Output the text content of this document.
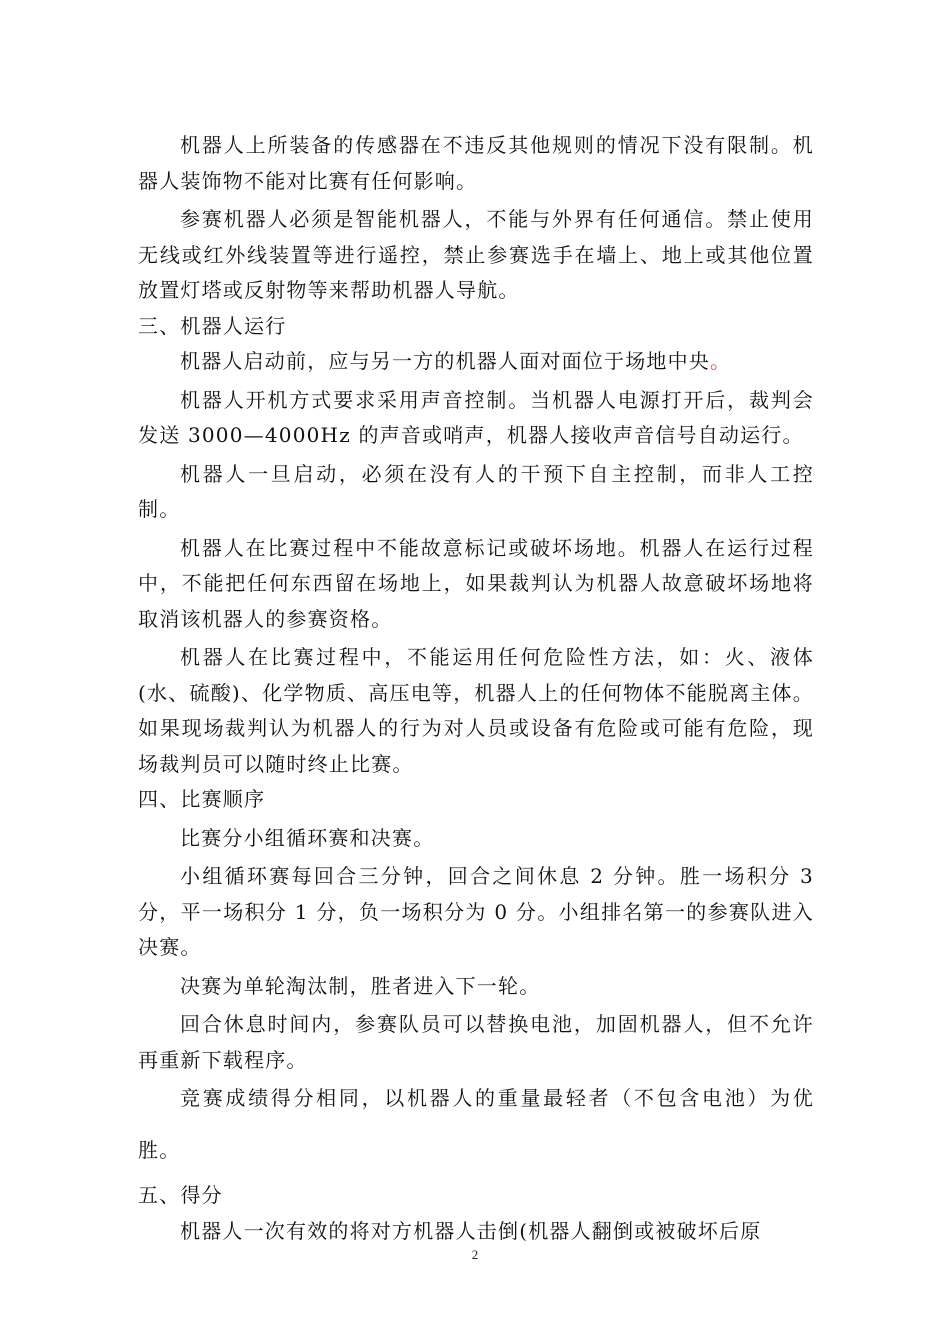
机器人上所装备的传感器在不违反其他规则的情况下没有限制。机器人装饰物不能对比赛有任何影响。

参赛机器人必须是智能机器人，不能与外界有任何通信。禁止使用无线或红外线装置等进行遥控，禁止参赛选手在墙上、地上或其他位置放置灯塔或反射物等来帮助机器人导航。

三、机器人运行

机器人启动前，应与另一方的机器人面对面位于场地中央。

机器人开机方式要求采用声音控制。当机器人电源打开后，裁判会发送 3000—4000Hz 的声音或哨声，机器人接收声音信号自动运行。

机器人一旦启动，必须在没有人的干预下自主控制，而非人工控制。

机器人在比赛过程中不能故意标记或破坏场地。机器人在运行过程中，不能把任何东西留在场地上，如果裁判认为机器人故意破坏场地将取消该机器人的参赛资格。

机器人在比赛过程中，不能运用任何危险性方法，如：火、液体(水、硫酸)、化学物质、高压电等，机器人上的任何物体不能脱离主体。如果现场裁判认为机器人的行为对人员或设备有危险或可能有危险，现场裁判员可以随时终止比赛。

四、比赛顺序

比赛分小组循环赛和决赛。

小组循环赛每回合三分钟，回合之间休息 2 分钟。胜一场积分 3 分，平一场积分 1 分，负一场积分为 0 分。小组排名第一的参赛队进入决赛。

决赛为单轮淘汰制，胜者进入下一轮。

回合休息时间内，参赛队员可以替换电池，加固机器人，但不允许再重新下载程序。

竞赛成绩得分相同，以机器人的重量最轻者（不包含电池）为优胜。

五、得分

机器人一次有效的将对方机器人击倒(机器人翻倒或被破坏后原

2
